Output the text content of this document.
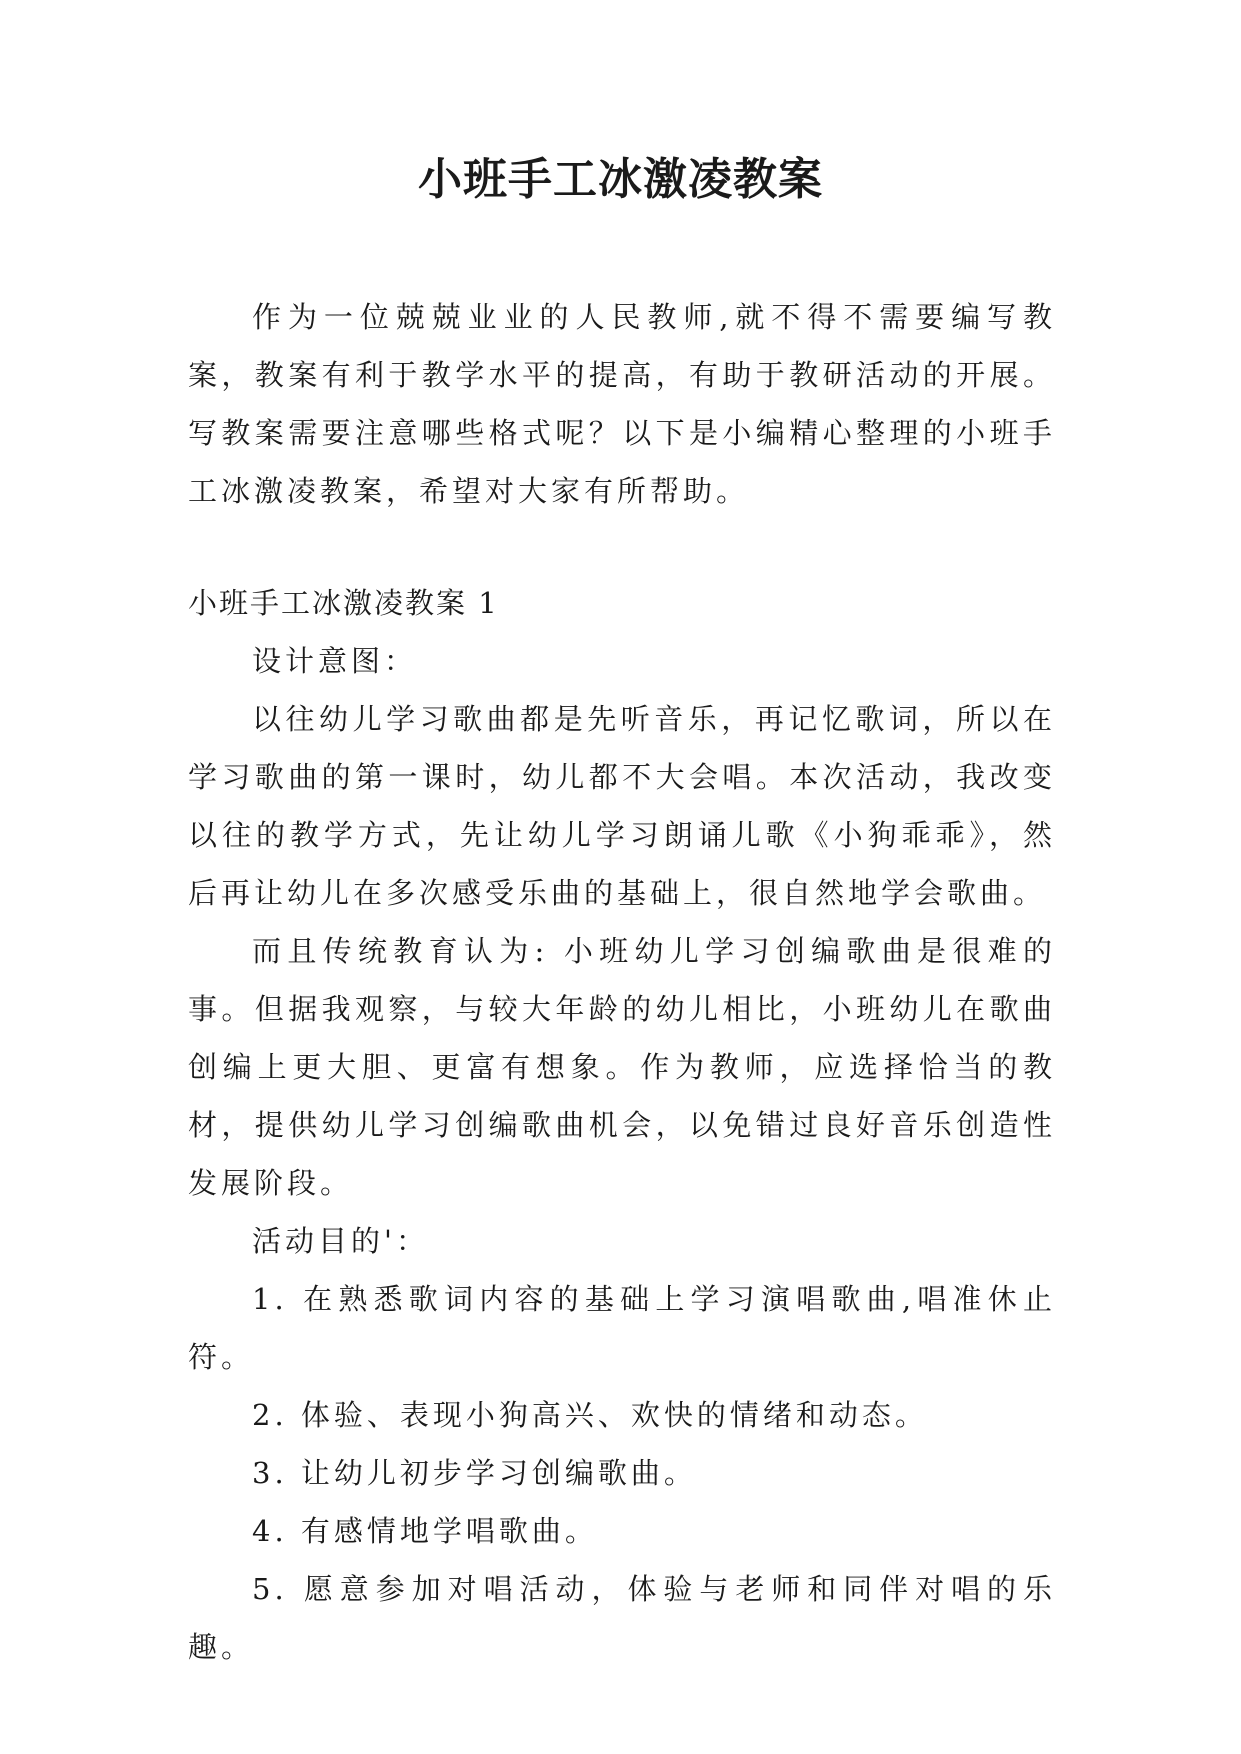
小班手工冰激凌教案

作为一位兢兢业业的人民教师,就不得不需要编写教案，教案有利于教学水平的提高，有助于教研活动的开展。写教案需要注意哪些格式呢？以下是小编精心整理的小班手工冰激凌教案，希望对大家有所帮助。

小班手工冰激凌教案 1

设计意图：

以往幼儿学习歌曲都是先听音乐，再记忆歌词，所以在学习歌曲的第一课时，幼儿都不大会唱。本次活动，我改变以往的教学方式，先让幼儿学习朗诵儿歌《小狗乖乖》，然后再让幼儿在多次感受乐曲的基础上，很自然地学会歌曲。

而且传统教育认为: 小班幼儿学习创编歌曲是很难的事。但据我观察，与较大年龄的幼儿相比，小班幼儿在歌曲创编上更大胆、更富有想象。作为教师，应选择恰当的教材，提供幼儿学习创编歌曲机会，以免错过良好音乐创造性发展阶段。

活动目的'：

1. 在熟悉歌词内容的基础上学习演唱歌曲,唱准休止符。

2. 体验、表现小狗高兴、欢快的情绪和动态。

3. 让幼儿初步学习创编歌曲。

4. 有感情地学唱歌曲。

5. 愿意参加对唱活动，体验与老师和同伴对唱的乐趣。
